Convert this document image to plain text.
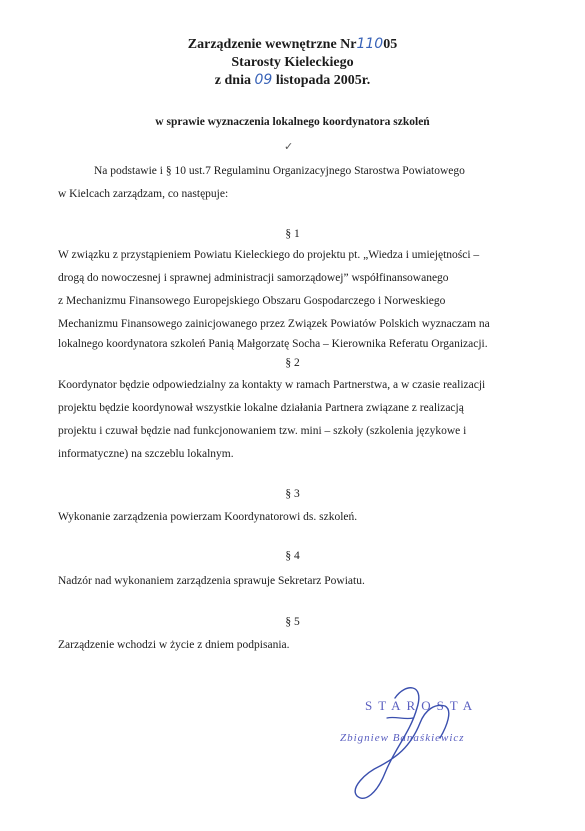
Zarządzenie wewnętrzne Nr11005
Starosty Kieleckiego
z dnia 09 listopada 2005r.
w sprawie wyznaczenia lokalnego koordynatora szkoleń
✓
Na podstawie i § 10 ust.7 Regulaminu Organizacyjnego Starostwa Powiatowego
w Kielcach zarządzam, co następuje:
§ 1
W związku z przystąpieniem Powiatu Kieleckiego do projektu pt. „Wiedza i umiejętności –
drogą do nowoczesnej i sprawnej administracji samorządowej” współfinansowanego
z Mechanizmu Finansowego Europejskiego Obszaru Gospodarczego i Norweskiego
Mechanizmu Finansowego zainicjowanego przez Związek Powiatów Polskich wyznaczam na
lokalnego koordynatora szkoleń Panią Małgorzatę Socha – Kierownika Referatu Organizacji.
§ 2
Koordynator będzie odpowiedzialny za kontakty w ramach Partnerstwa, a w czasie realizacji
projektu będzie koordynował wszystkie lokalne działania Partnera związane z realizacją
projektu i czuwał będzie nad funkcjonowaniem tzw. mini – szkoły (szkolenia językowe i
informatyczne) na szczeblu lokalnym.
§ 3
Wykonanie zarządzenia powierzam Koordynatorowi ds. szkoleń.
§ 4
Nadzór nad wykonaniem zarządzenia sprawuje Sekretarz Powiatu.
§ 5
Zarządzenie wchodzi w życie z dniem podpisania.
STAROSTA
Zbigniew Banaśkiewicz
